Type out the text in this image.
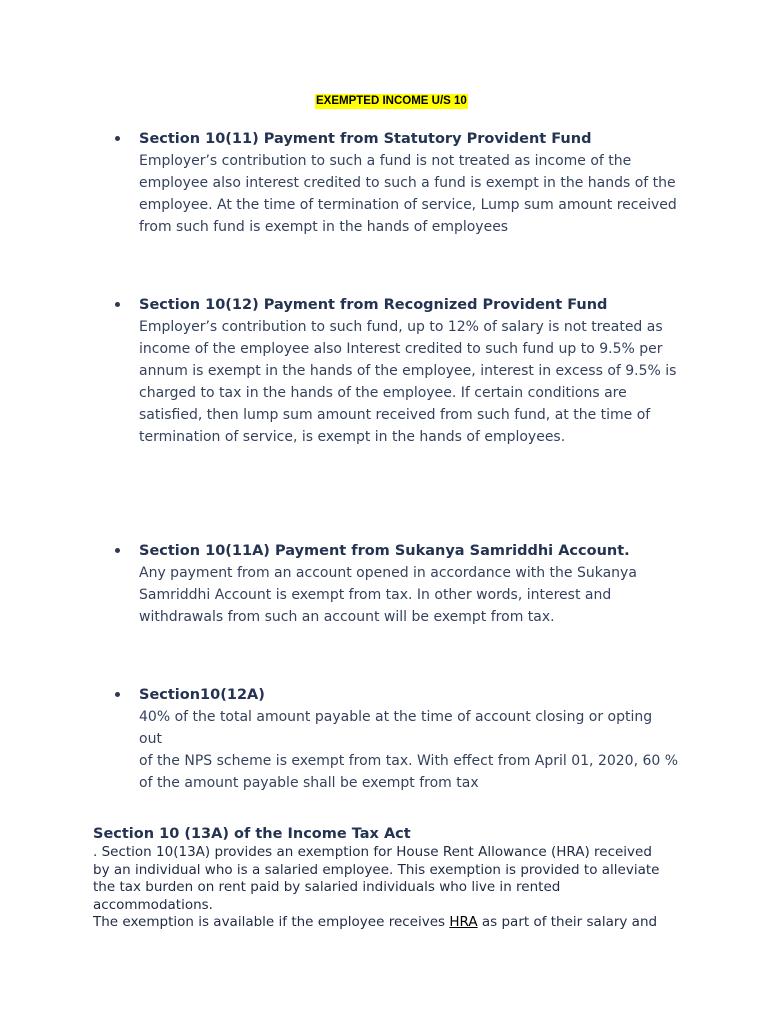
EXEMPTED INCOME U/S 10
Section 10(11) Payment from Statutory Provident Fund
Employer’s contribution to such a fund is not treated as income of the
employee also interest credited to such a fund is exempt in the hands of the
employee. At the time of termination of service, Lump sum amount received
from such fund is exempt in the hands of employees
Section 10(12) Payment from Recognized Provident Fund
Employer’s contribution to such fund, up to 12% of salary is not treated as
income of the employee also Interest credited to such fund up to 9.5% per
annum is exempt in the hands of the employee, interest in excess of 9.5% is
charged to tax in the hands of the employee. If certain conditions are
satisfied, then lump sum amount received from such fund, at the time of
termination of service, is exempt in the hands of employees.
Section 10(11A) Payment from Sukanya Samriddhi Account.
Any payment from an account opened in accordance with the Sukanya
Samriddhi Account is exempt from tax. In other words, interest and
withdrawals from such an account will be exempt from tax.
Section10(12A)
40% of the total amount payable at the time of account closing or opting out
of the NPS scheme is exempt from tax. With effect from April 01, 2020, 60 %
of the amount payable shall be exempt from tax
Section 10 (13A) of the Income Tax Act
. Section 10(13A) provides an exemption for House Rent Allowance (HRA) received
by an individual who is a salaried employee. This exemption is provided to alleviate
the tax burden on rent paid by salaried individuals who live in rented
accommodations.
The exemption is available if the employee receives HRA as part of their salary and
